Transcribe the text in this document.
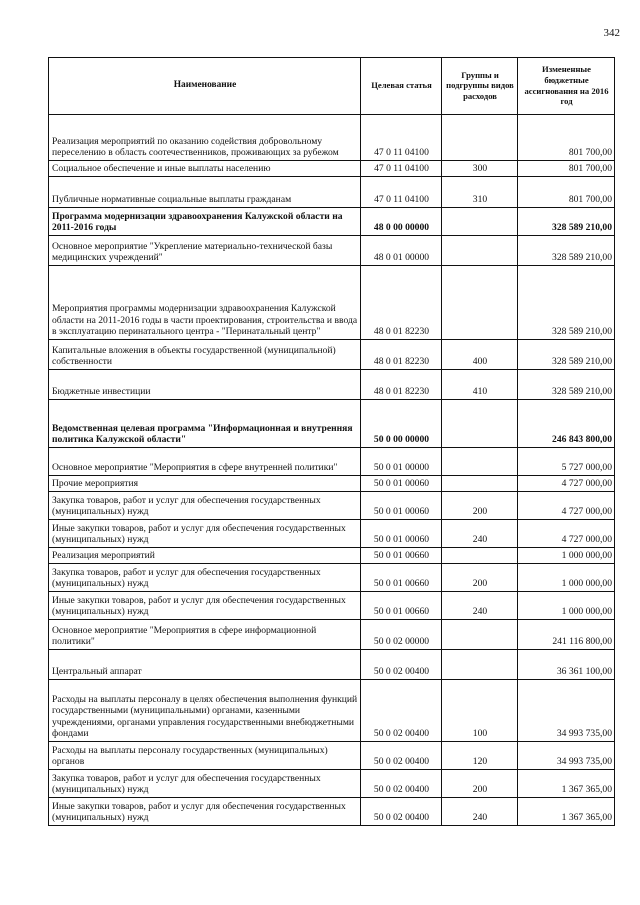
342
Наименование	Целевая статья	Группы и подгруппы видов расходов	Измененные бюджетные ассигнования на 2016 год
Реализация мероприятий по оказанию содействия добровольному переселению в область соотечественников, проживающих за рубежом	47 0 11 04100		801 700,00
Социальное обеспечение и иные выплаты населению	47 0 11 04100	300	801 700,00
Публичные нормативные социальные выплаты гражданам	47 0 11 04100	310	801 700,00
Программа модернизации здравоохранения Калужской области на 2011-2016 годы	48 0 00 00000		328 589 210,00
Основное мероприятие "Укрепление материально-технической базы медицинских учреждений"	48 0 01 00000		328 589 210,00
Мероприятия программы модернизации здравоохранения Калужской области на 2011-2016 годы в части проектирования, строительства и ввода в эксплуатацию перинатального центра - "Перинатальный центр"	48 0 01 82230		328 589 210,00
Капитальные вложения в объекты государственной (муниципальной) собственности	48 0 01 82230	400	328 589 210,00
Бюджетные инвестиции	48 0 01 82230	410	328 589 210,00
Ведомственная целевая программа "Информационная и внутренняя политика Калужской области"	50 0 00 00000		246 843 800,00
Основное мероприятие "Мероприятия в сфере внутренней политики"	50 0 01 00000		5 727 000,00
Прочие мероприятия	50 0 01 00060		4 727 000,00
Закупка товаров, работ и услуг для обеспечения государственных (муниципальных) нужд	50 0 01 00060	200	4 727 000,00
Иные закупки товаров, работ и услуг для обеспечения государственных (муниципальных) нужд	50 0 01 00060	240	4 727 000,00
Реализация мероприятий	50 0 01 00660		1 000 000,00
Закупка товаров, работ и услуг для обеспечения государственных (муниципальных) нужд	50 0 01 00660	200	1 000 000,00
Иные закупки товаров, работ и услуг для обеспечения государственных (муниципальных) нужд	50 0 01 00660	240	1 000 000,00
Основное мероприятие "Мероприятия в сфере информационной политики"	50 0 02 00000		241 116 800,00
Центральный аппарат	50 0 02 00400		36 361 100,00
Расходы на выплаты персоналу в целях обеспечения выполнения функций государственными (муниципальными) органами, казенными учреждениями, органами управления государственными внебюджетными фондами	50 0 02 00400	100	34 993 735,00
Расходы на выплаты персоналу государственных (муниципальных) органов	50 0 02 00400	120	34 993 735,00
Закупка товаров, работ и услуг для обеспечения государственных (муниципальных) нужд	50 0 02 00400	200	1 367 365,00
Иные закупки товаров, работ и услуг для обеспечения государственных (муниципальных) нужд	50 0 02 00400	240	1 367 365,00
